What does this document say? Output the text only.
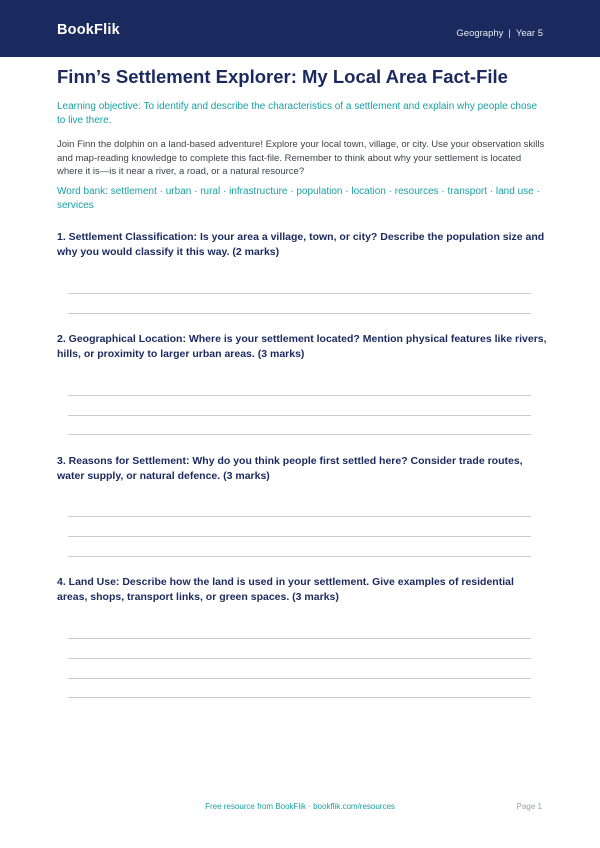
BookFlik	Geography | Year 5
Finn’s Settlement Explorer: My Local Area Fact-File
Learning objective: To identify and describe the characteristics of a settlement and explain why people chose to live there.
Join Finn the dolphin on a land-based adventure! Explore your local town, village, or city. Use your observation skills and map-reading knowledge to complete this fact-file. Remember to think about why your settlement is located where it is—is it near a river, a road, or a natural resource?
Word bank: settlement · urban · rural · infrastructure · population · location · resources · transport · land use · services
1. Settlement Classification: Is your area a village, town, or city? Describe the population size and why you would classify it this way. (2 marks)
2. Geographical Location: Where is your settlement located? Mention physical features like rivers, hills, or proximity to larger urban areas. (3 marks)
3. Reasons for Settlement: Why do you think people first settled here? Consider trade routes, water supply, or natural defence. (3 marks)
4. Land Use: Describe how the land is used in your settlement. Give examples of residential areas, shops, transport links, or green spaces. (3 marks)
Free resource from BookFlik · bookflik.com/resources	Page 1
